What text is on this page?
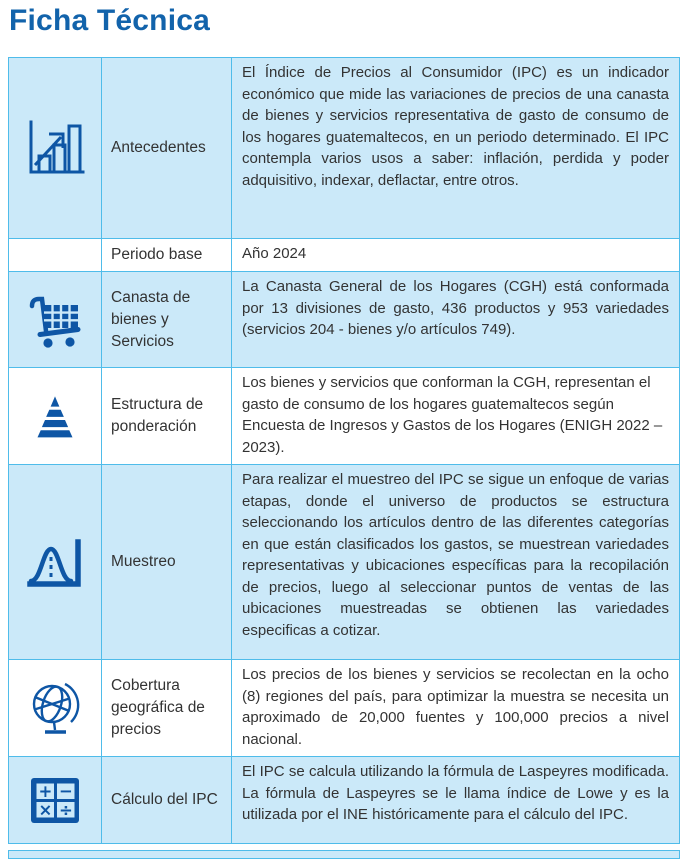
Ficha Técnica
Antecedentes

El Índice de Precios al Consumidor (IPC) es un indicador económico que mide las variaciones de precios de una canasta de bienes y servicios representativa de gasto de consumo de los hogares guatemaltecos, en un periodo determinado. El IPC contempla varios usos a saber: inflación, perdida y poder adquisitivo, indexar, deflactar, entre otros.

Periodo base	Año 2024

Canasta de bienes y Servicios

La Canasta General de los Hogares (CGH) está conformada por 13 divisiones de gasto, 436 productos y 953 variedades (servicios 204 - bienes y/o artículos 749).

Estructura de ponderación

Los bienes y servicios que conforman la CGH, representan el gasto de consumo de los hogares guatemaltecos según Encuesta de Ingresos y Gastos de los Hogares (ENIGH 2022 – 2023).

Muestreo

Para realizar el muestreo del IPC se sigue un enfoque de varias etapas, donde el universo de productos se estructura seleccionando los artículos dentro de las diferentes categorías en que están clasificados los gastos, se muestrean variedades representativas y ubicaciones específicas para la recopilación de precios, luego al seleccionar puntos de ventas de las ubicaciones muestreadas se obtienen las variedades especificas a cotizar.

Cobertura geográfica de precios

Los precios de los bienes y servicios se recolectan en la ocho (8) regiones del país, para optimizar la muestra se necesita un aproximado de 20,000 fuentes y 100,000 precios a nivel nacional.

+ −
× ÷
Cálculo del IPC

El IPC se calcula utilizando la fórmula de Laspeyres modificada. La fórmula de Laspeyres se le llama índice de Lowe y es la utilizada por el INE históricamente para el cálculo del IPC.
